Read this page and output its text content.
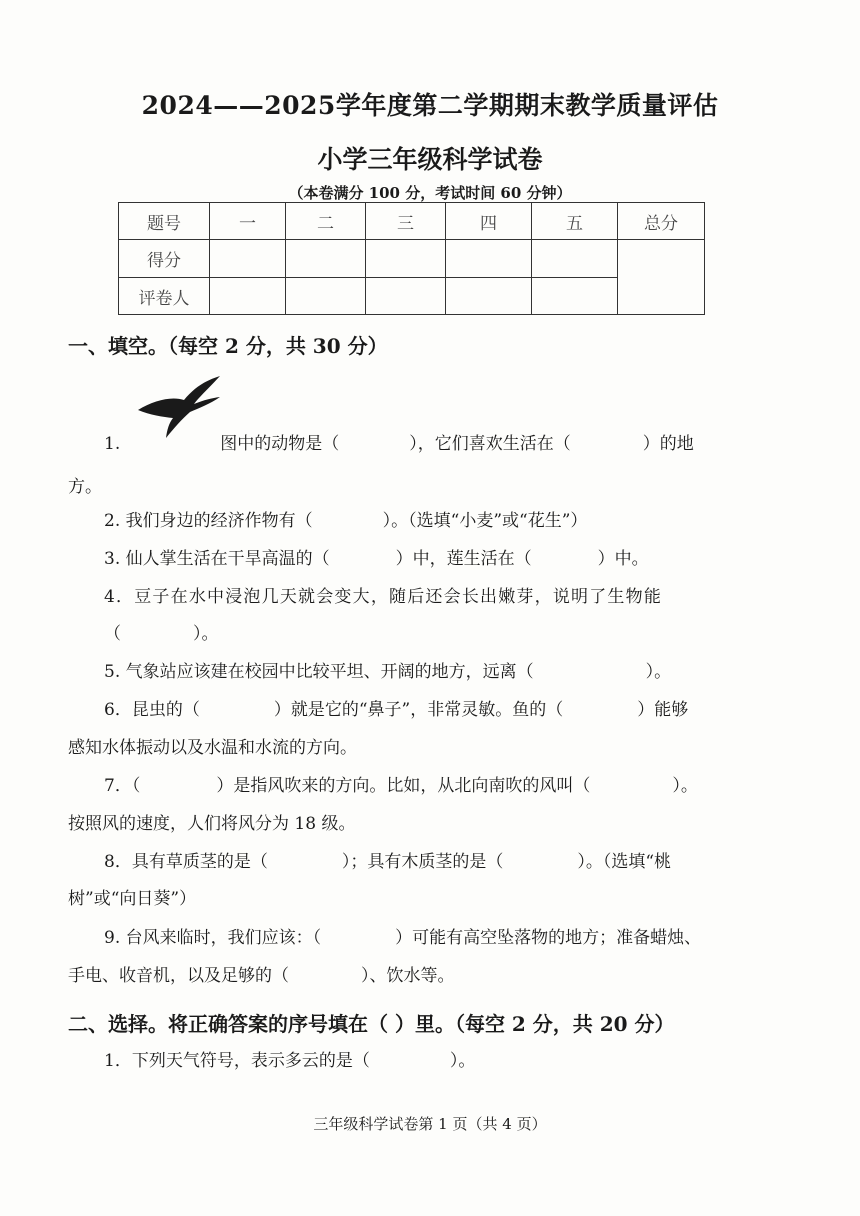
2024——2025学年度第二学期期末教学质量评估
小学三年级科学试卷
（本卷满分 100 分，考试时间 60 分钟）
题号	一	二	三	四	五	总分
得分						
评卷人						
一、填空。（每空 2 分，共 30 分）
1.	图中的动物是（	），它们喜欢生活在（	）的地
方。
2. 我们身边的经济作物有（	）。（选填“小麦”或“花生”）
3. 仙人掌生活在干旱高温的（	）中，莲生活在（	）中。
4．豆子在水中浸泡几天就会变大，随后还会长出嫩芽，说明了生物能
（	）。
5. 气象站应该建在校园中比较平坦、开阔的地方，远离（	）。
6．昆虫的（	）就是它的“鼻子”，非常灵敏。鱼的（	）能够
感知水体振动以及水温和水流的方向。
7．（	）是指风吹来的方向。比如，从北向南吹的风叫（	）。
按照风的速度，人们将风分为 18 级。
8．具有草质茎的是（	）；具有木质茎的是（	）。（选填“桃
树”或“向日葵”）
9. 台风来临时，我们应该：（	）可能有高空坠落物的地方；准备蜡烛、
手电、收音机，以及足够的（	）、饮水等。
二、选择。将正确答案的序号填在（ ）里。（每空 2 分，共 20 分）
1．下列天气符号，表示多云的是（	）。
三年级科学试卷第 1 页（共 4 页）
